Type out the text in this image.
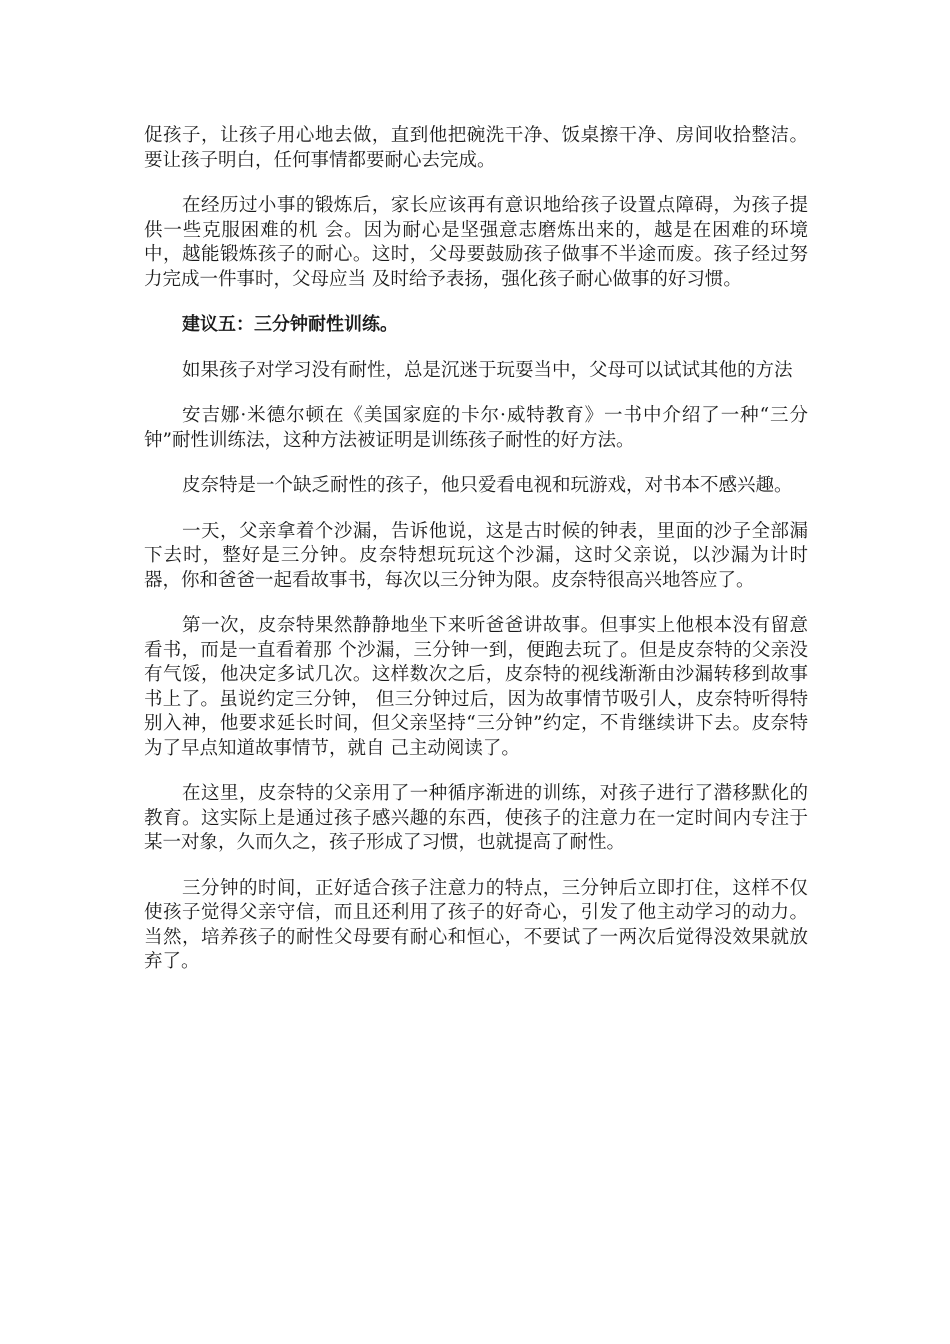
促孩子，让孩子用心地去做，直到他把碗洗干净、饭桌擦干净、房间收拾整洁。要让孩子明白，任何事情都要耐心去完成。

在经历过小事的锻炼后，家长应该再有意识地给孩子设置点障碍，为孩子提供一些克服困难的机 会。因为耐心是坚强意志磨炼出来的，越是在困难的环境中，越能锻炼孩子的耐心。这时，父母要鼓励孩子做事不半途而废。孩子经过努力完成一件事时，父母应当 及时给予表扬，强化孩子耐心做事的好习惯。

建议五：三分钟耐性训练。

如果孩子对学习没有耐性，总是沉迷于玩耍当中，父母可以试试其他的方法

安吉娜·米德尔顿在《美国家庭的卡尔·威特教育》一书中介绍了一种“三分钟”耐性训练法，这种方法被证明是训练孩子耐性的好方法。

皮奈特是一个缺乏耐性的孩子，他只爱看电视和玩游戏，对书本不感兴趣。

一天，父亲拿着个沙漏，告诉他说，这是古时候的钟表，里面的沙子全部漏下去时，整好是三分钟。皮奈特想玩玩这个沙漏，这时父亲说，以沙漏为计时器，你和爸爸一起看故事书，每次以三分钟为限。皮奈特很高兴地答应了。

第一次，皮奈特果然静静地坐下来听爸爸讲故事。但事实上他根本没有留意看书，而是一直看着那 个沙漏，三分钟一到，便跑去玩了。但是皮奈特的父亲没有气馁，他决定多试几次。这样数次之后，皮奈特的视线渐渐由沙漏转移到故事书上了。虽说约定三分钟， 但三分钟过后，因为故事情节吸引人，皮奈特听得特别入神，他要求延长时间，但父亲坚持“三分钟”约定，不肯继续讲下去。皮奈特为了早点知道故事情节，就自 己主动阅读了。

在这里，皮奈特的父亲用了一种循序渐进的训练，对孩子进行了潜移默化的教育。这实际上是通过孩子感兴趣的东西，使孩子的注意力在一定时间内专注于某一对象，久而久之，孩子形成了习惯，也就提高了耐性。

三分钟的时间，正好适合孩子注意力的特点，三分钟后立即打住，这样不仅使孩子觉得父亲守信，而且还利用了孩子的好奇心，引发了他主动学习的动力。当然，培养孩子的耐性父母要有耐心和恒心，不要试了一两次后觉得没效果就放弃了。
